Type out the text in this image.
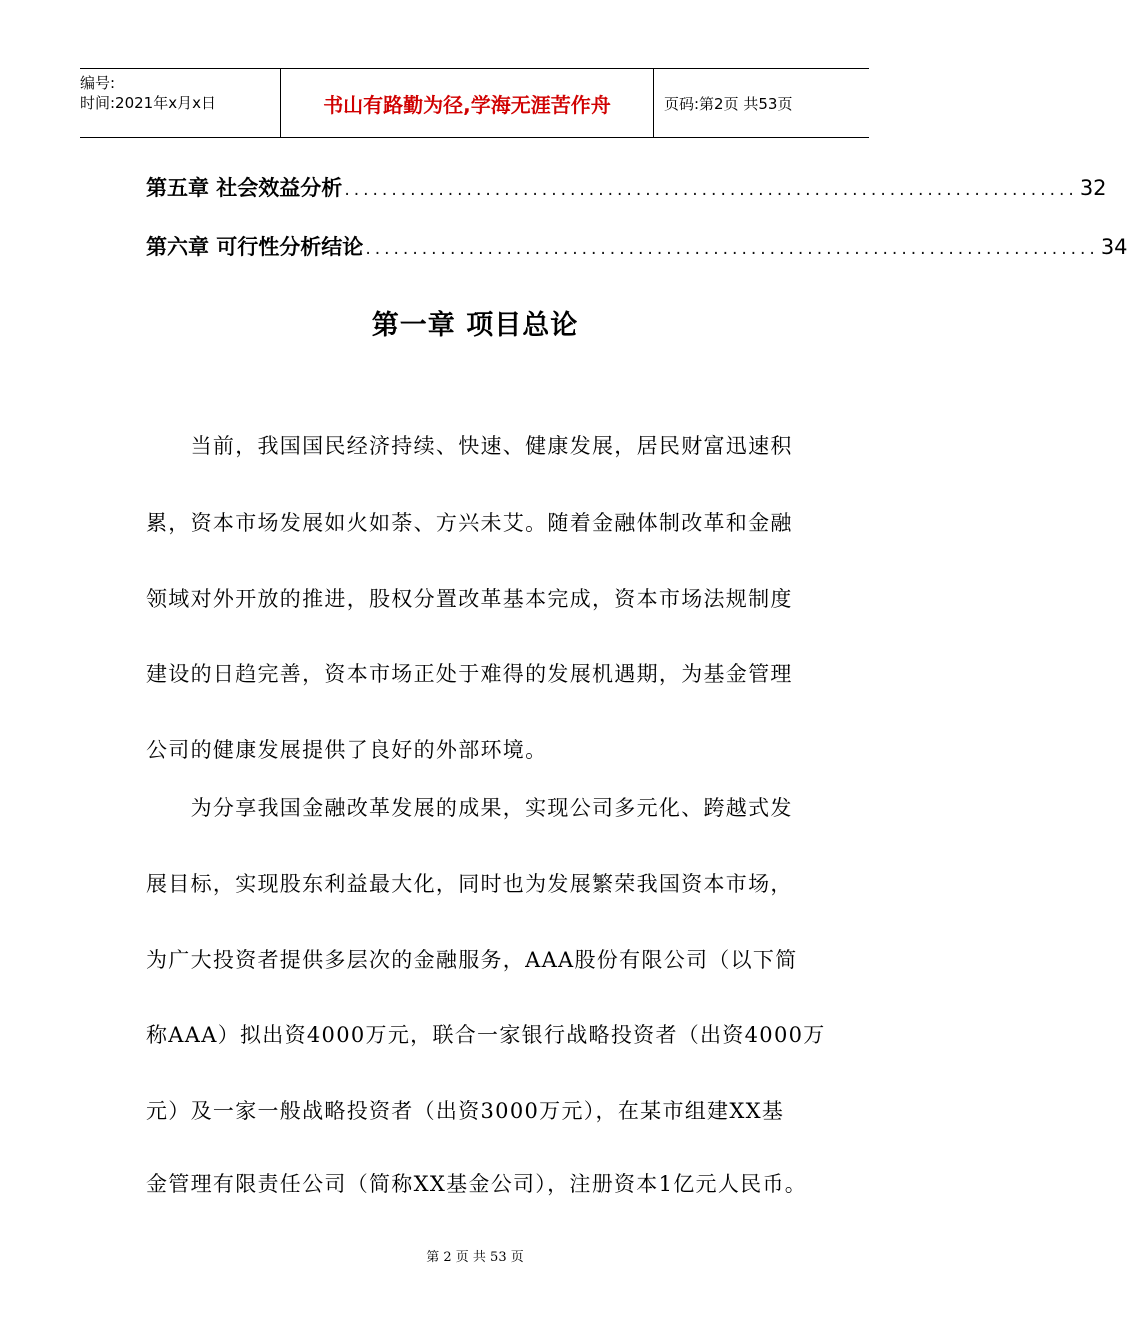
编号:
时间:2021年x月x日	书山有路勤为径,学海无涯苦作舟	页码:第2页 共53页
第五章 社会效益分析 .............................................................................. 32
第六章 可行性分析结论 .............................................................................. 34
第一章 项目总论
　　当前，我国国民经济持续、快速、健康发展，居民财富迅速积
累，资本市场发展如火如荼、方兴未艾。随着金融体制改革和金融
领域对外开放的推进，股权分置改革基本完成，资本市场法规制度
建设的日趋完善，资本市场正处于难得的发展机遇期，为基金管理
公司的健康发展提供了良好的外部环境。
　　为分享我国金融改革发展的成果，实现公司多元化、跨越式发
展目标，实现股东利益最大化，同时也为发展繁荣我国资本市场，
为广大投资者提供多层次的金融服务，AAA股份有限公司（以下简
称AAA）拟出资4000万元，联合一家银行战略投资者（出资4000万
元）及一家一般战略投资者（出资3000万元），在某市组建XX基
金管理有限责任公司（简称XX基金公司），注册资本1亿元人民币。
第 2 页 共 53 页
